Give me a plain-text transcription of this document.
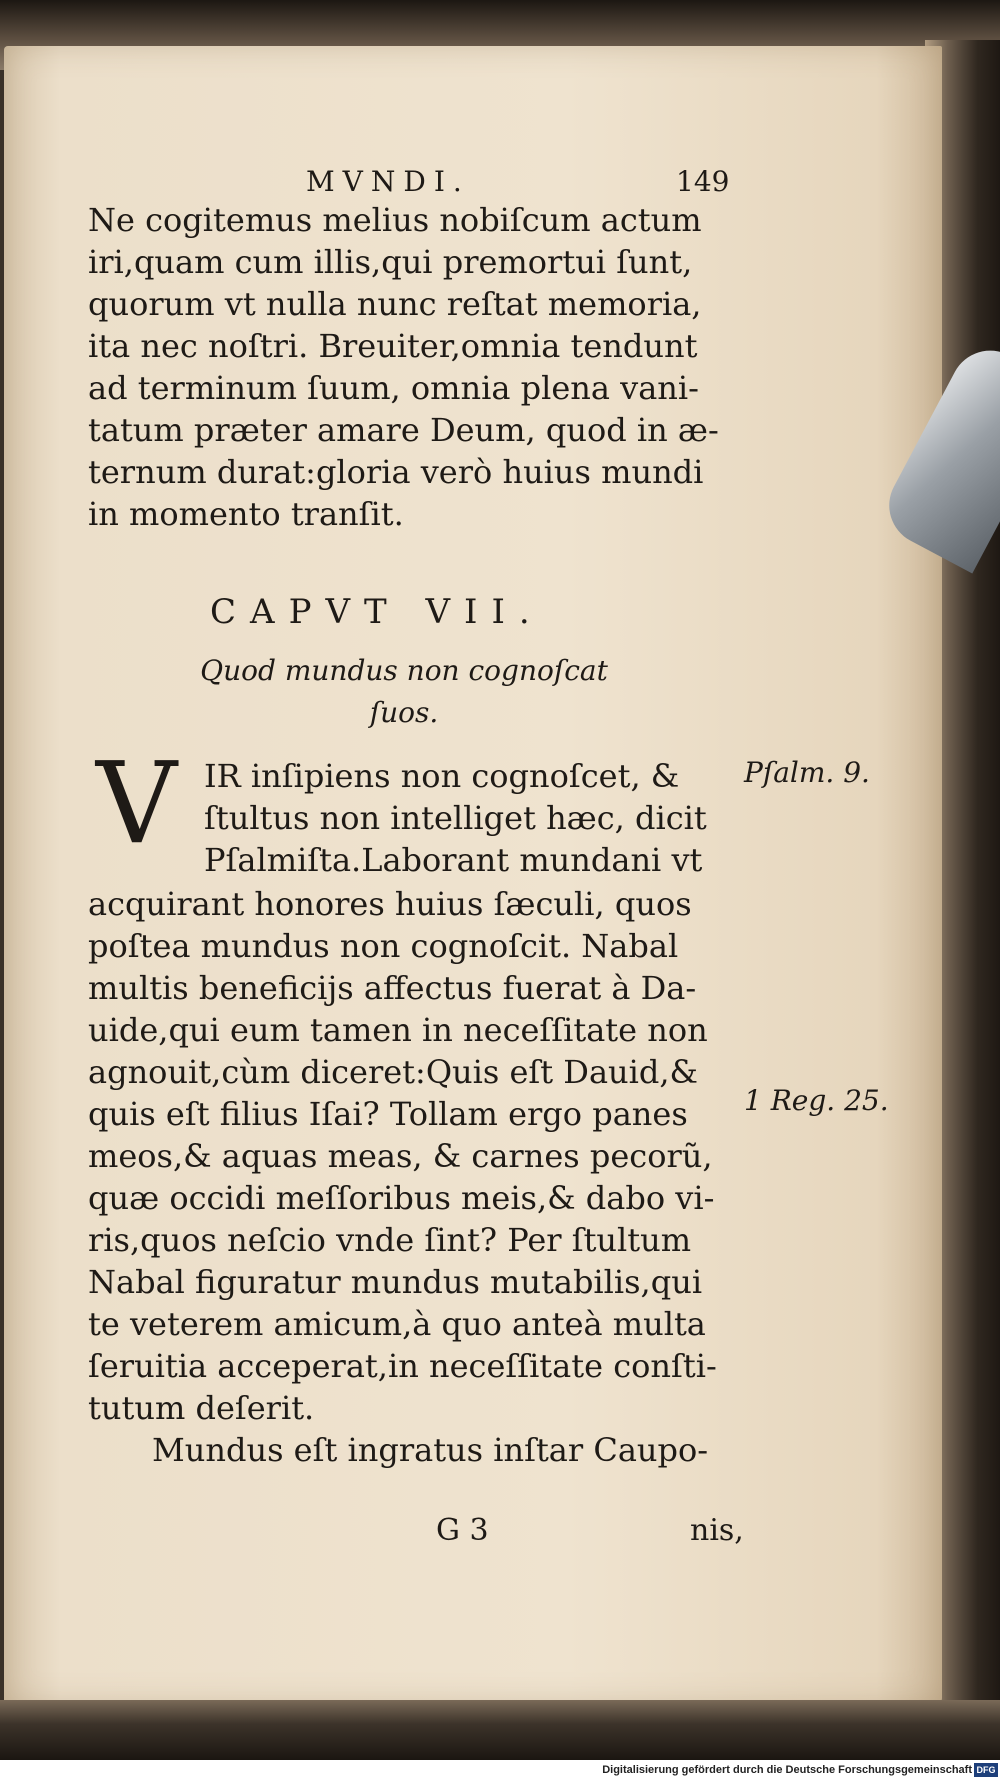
MVNDI.	149
Ne cogitemus melius nobiſcum actum
iri,quam cum illis,qui premortui ſunt,
quorum vt nulla nunc reſtat memoria,
ita nec noſtri. Breuiter,omnia tendunt
ad terminum ſuum, omnia plena vani-
tatum præter amare Deum, quod in æ-
ternum durat:gloria verò huius mundi
in momento tranſit.
CAPVT VII.
Quod mundus non cognoſcat ſuos.
V IR inſipiens non cognoſcet, &
ſtultus non intelliget hæc, dicit
Pſalmiſta.Laborant mundani vt
acquirant honores huius ſæculi, quos
poſtea mundus non cognoſcit. Nabal
multis beneficijs affectus fuerat à Da-
uide,qui eum tamen in neceſſitate non
agnouit,cùm diceret:Quis eſt Dauid,&
quis eſt filius Iſai? Tollam ergo panes
meos,& aquas meas, & carnes pecorũ,
quæ occidi meſſoribus meis,& dabo vi-
ris,quos neſcio vnde ſint? Per ſtultum
Nabal figuratur mundus mutabilis,qui
te veterem amicum,à quo anteà multa
ſeruitia acceperat,in neceſſitate conſti-
tutum deſerit.
Mundus eſt ingratus inſtar Caupo-
G 3	nis,
Pſalm. 9.
1 Reg. 25.
Digitalisierung gefördert durch die Deutsche Forschungsgemeinschaft DFG
